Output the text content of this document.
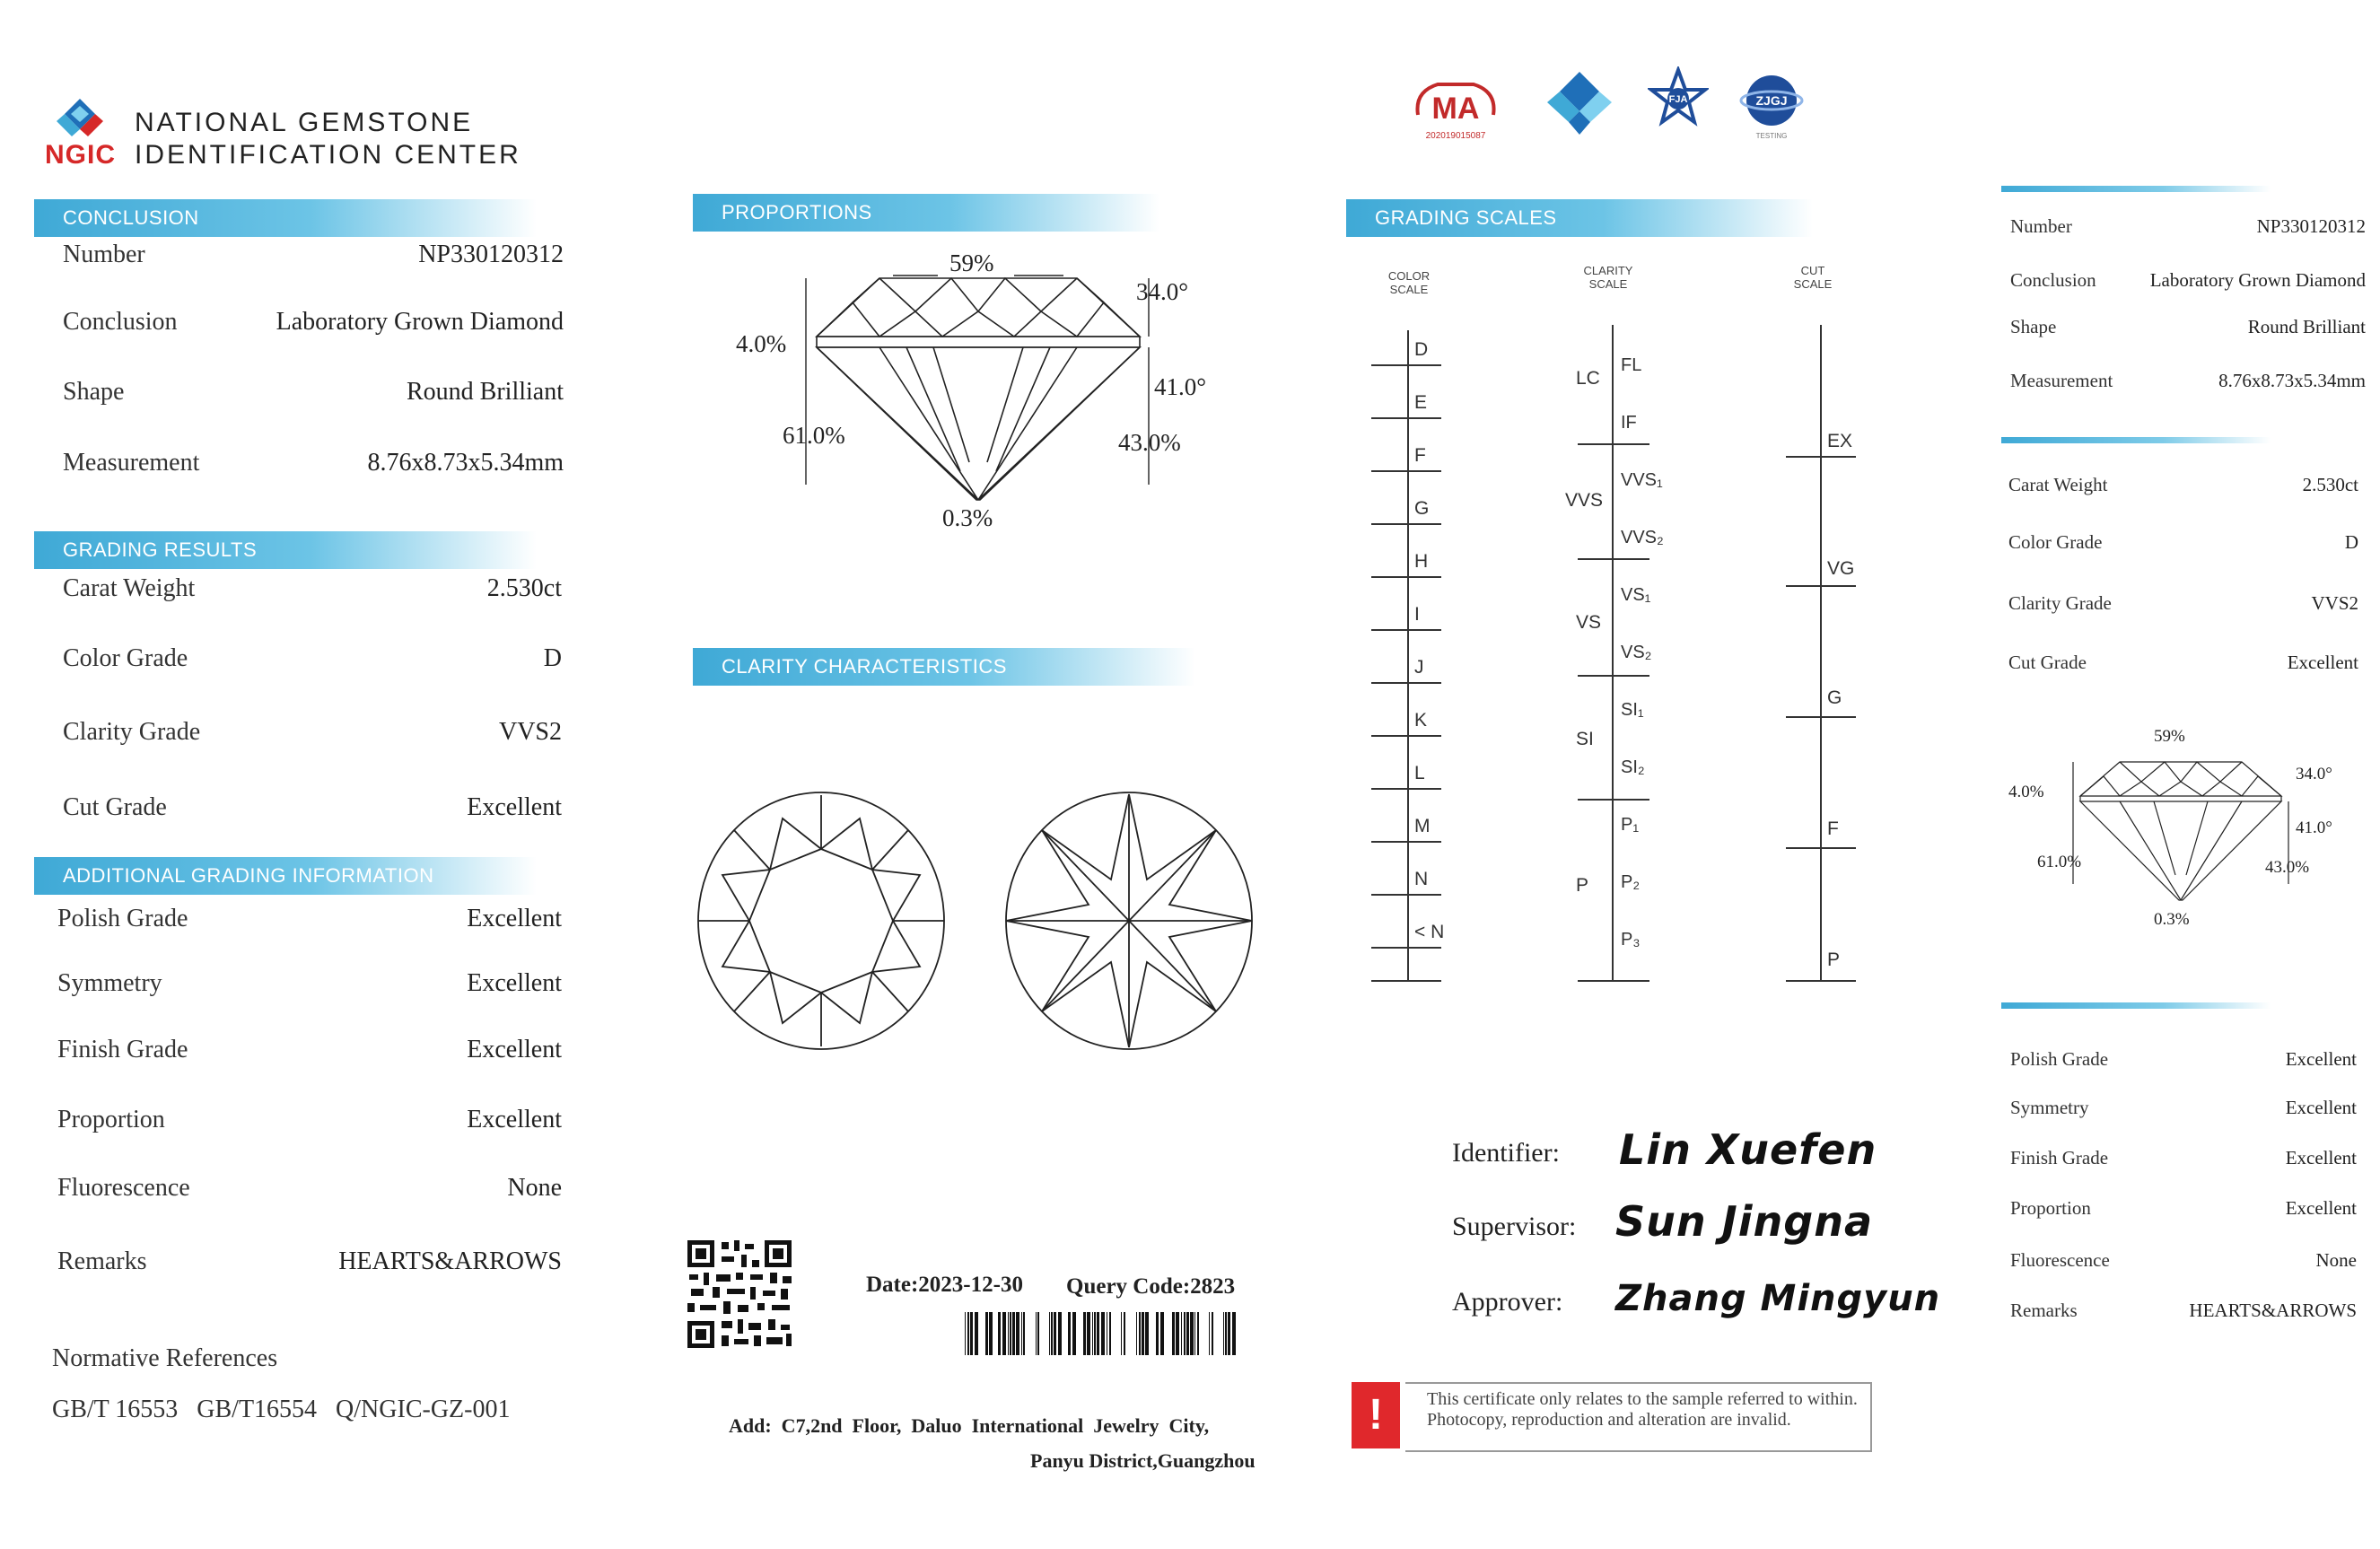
NGIC
NATIONAL GEMSTONE
IDENTIFICATION CENTER
CONCLUSION
Number	NP330120312
Conclusion	Laboratory Grown Diamond
Shape	Round Brilliant
Measurement	8.76x8.73x5.34mm
GRADING RESULTS
Carat Weight	2.530ct
Color Grade	D
Clarity Grade	VVS2
Cut Grade	Excellent
ADDITIONAL GRADING INFORMATION
Polish Grade	Excellent
Symmetry	Excellent
Finish Grade	Excellent
Proportion	Excellent
Fluorescence	None
Remarks	HEARTS&ARROWS
Normative References
GB/T 16553   GB/T16554   Q/NGIC-GZ-001
PROPORTIONS
59%
34.0°
4.0%
41.0°
61.0%	43.0%
0.3%
CLARITY CHARACTERISTICS
Date:2023-12-30 Query Code:2823
Add:  C7,2nd  Floor,  Daluo  International  Jewelry  City,
Panyu District,Guangzhou
MA
202019015087
FJA	ZJGJ
TESTING
GRADING SCALES
COLOR
SCALE
CLARITY
SCALE
CUT
SCALE
D
E
F
G
H
I
J
K
L
M
N
< N
LC
VVS
VS
SI
P
FL
IF
VVS₁
VVS₂
VS₁
VS₂
SI₁
SI₂
P₁
P₂
P₃
EX
VG
G
F
P
Identifier: Lin Xuefen
Supervisor: Sun Jingna
Approver: Zhang Mingyun
!	This certificate only relates to the sample referred to within. Photocopy, reproduction and alteration are invalid.
Number	NP330120312
Conclusion	Laboratory Grown Diamond
Shape	Round Brilliant
Measurement	8.76x8.73x5.34mm
Carat Weight	2.530ct
Color Grade	D
Clarity Grade	VVS2
Cut Grade	Excellent
59%
34.0°
4.0%
41.0°
61.0%	43.0%
0.3%
Polish Grade	Excellent
Symmetry	Excellent
Finish Grade	Excellent
Proportion	Excellent
Fluorescence	None
Remarks	HEARTS&ARROWS
